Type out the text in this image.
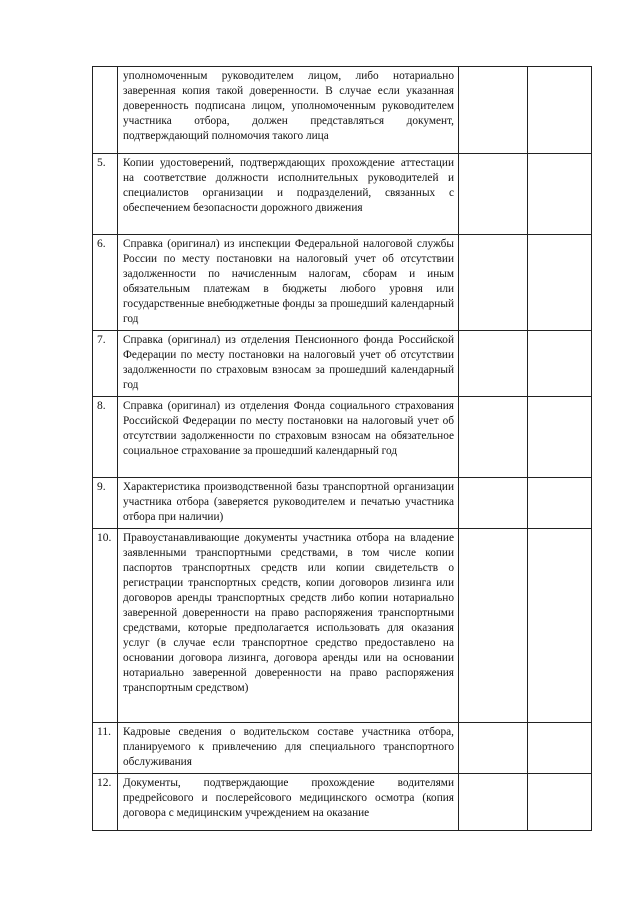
	уполномоченным руководителем лицом, либо нотариально заверенная копия такой доверенности. В случае если указанная доверенность подписана лицом, уполномоченным руководителем участника отбора, должен представляться документ, подтверждающий полномочия такого лица		
5.	Копии удостоверений, подтверждающих прохождение аттестации на соответствие должности исполнительных руководителей и специалистов организации и подразделений, связанных с обеспечением безопасности дорожного движения		
6.	Справка (оригинал) из инспекции Федеральной налоговой службы России по месту постановки на налоговый учет об отсутствии задолженности по начисленным налогам, сборам и иным обязательным платежам в бюджеты любого уровня или государственные внебюджетные фонды за прошедший календарный год		
7.	Справка (оригинал) из отделения Пенсионного фонда Российской Федерации по месту постановки на налоговый учет об отсутствии задолженности по страховым взносам за прошедший календарный год		
8.	Справка (оригинал) из отделения Фонда социального страхования Российской Федерации по месту постановки на налоговый учет об отсутствии задолженности по страховым взносам на обязательное социальное страхование за прошедший календарный год		
9.	Характеристика производственной базы транспортной организации участника отбора (заверяется руководителем и печатью участника отбора при наличии)		
10.	Правоустанавливающие документы участника отбора на владение заявленными транспортными средствами, в том числе копии паспортов транспортных средств или копии свидетельств о регистрации транспортных средств, копии договоров лизинга или договоров аренды транспортных средств либо копии нотариально заверенной доверенности на право распоряжения транспортными средствами, которые предполагается использовать для оказания услуг (в случае если транспортное средство предоставлено на основании договора лизинга, договора аренды или на основании нотариально заверенной доверенности на право распоряжения транспортным средством)		
11.	Кадровые сведения о водительском составе участника отбора, планируемого к привлечению для специального транспортного обслуживания		
12.	Документы, подтверждающие прохождение водителями предрейсового и послерейсового медицинского осмотра (копия договора с медицинским учреждением на оказание		
